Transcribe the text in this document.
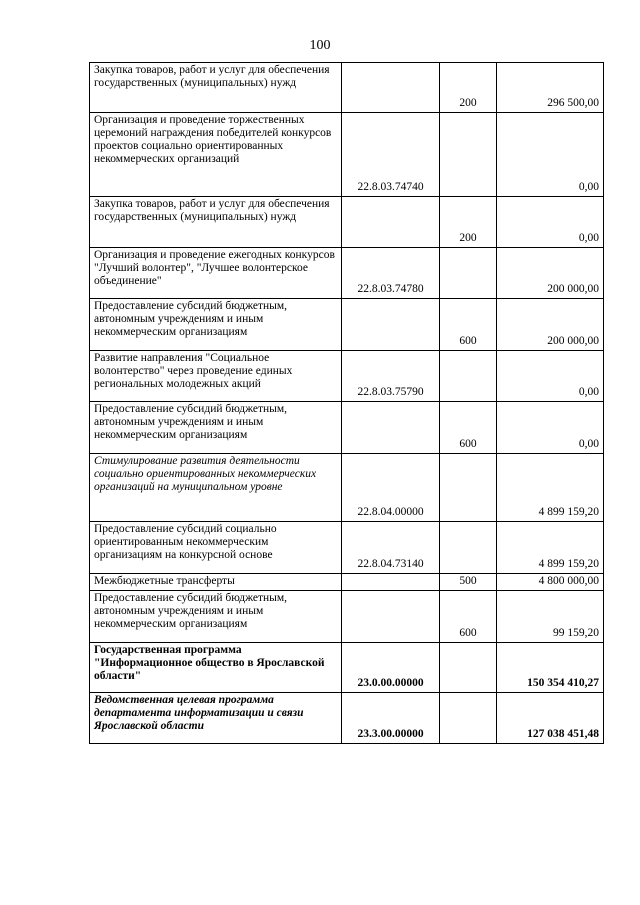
100
Закупка товаров, работ и услуг для обеспечения государственных (муниципальных) нужд		200	296 500,00
Организация и проведение торжественных церемоний награждения победителей конкурсов проектов социально ориентированных некоммерческих организаций	22.8.03.74740		0,00
Закупка товаров, работ и услуг для обеспечения государственных (муниципальных) нужд		200	0,00
Организация и проведение ежегодных конкурсов "Лучший волонтер", "Лучшее волонтерское объединение"	22.8.03.74780		200 000,00
Предоставление субсидий бюджетным, автономным учреждениям и иным некоммерческим организациям		600	200 000,00
Развитие направления "Социальное волонтерство" через проведение единых региональных молодежных акций	22.8.03.75790		0,00
Предоставление субсидий бюджетным, автономным учреждениям и иным некоммерческим организациям		600	0,00
Стимулирование развития деятельности социально ориентированных некоммерческих организаций на муниципальном уровне	22.8.04.00000		4 899 159,20
Предоставление субсидий социально ориентированным некоммерческим организациям на конкурсной основе	22.8.04.73140		4 899 159,20
Межбюджетные трансферты		500	4 800 000,00
Предоставление субсидий бюджетным, автономным учреждениям и иным некоммерческим организациям		600	99 159,20
Государственная программа "Информационное общество в Ярославской области"	23.0.00.00000		150 354 410,27
Ведомственная целевая программа департамента информатизации и связи Ярославской области	23.3.00.00000		127 038 451,48
